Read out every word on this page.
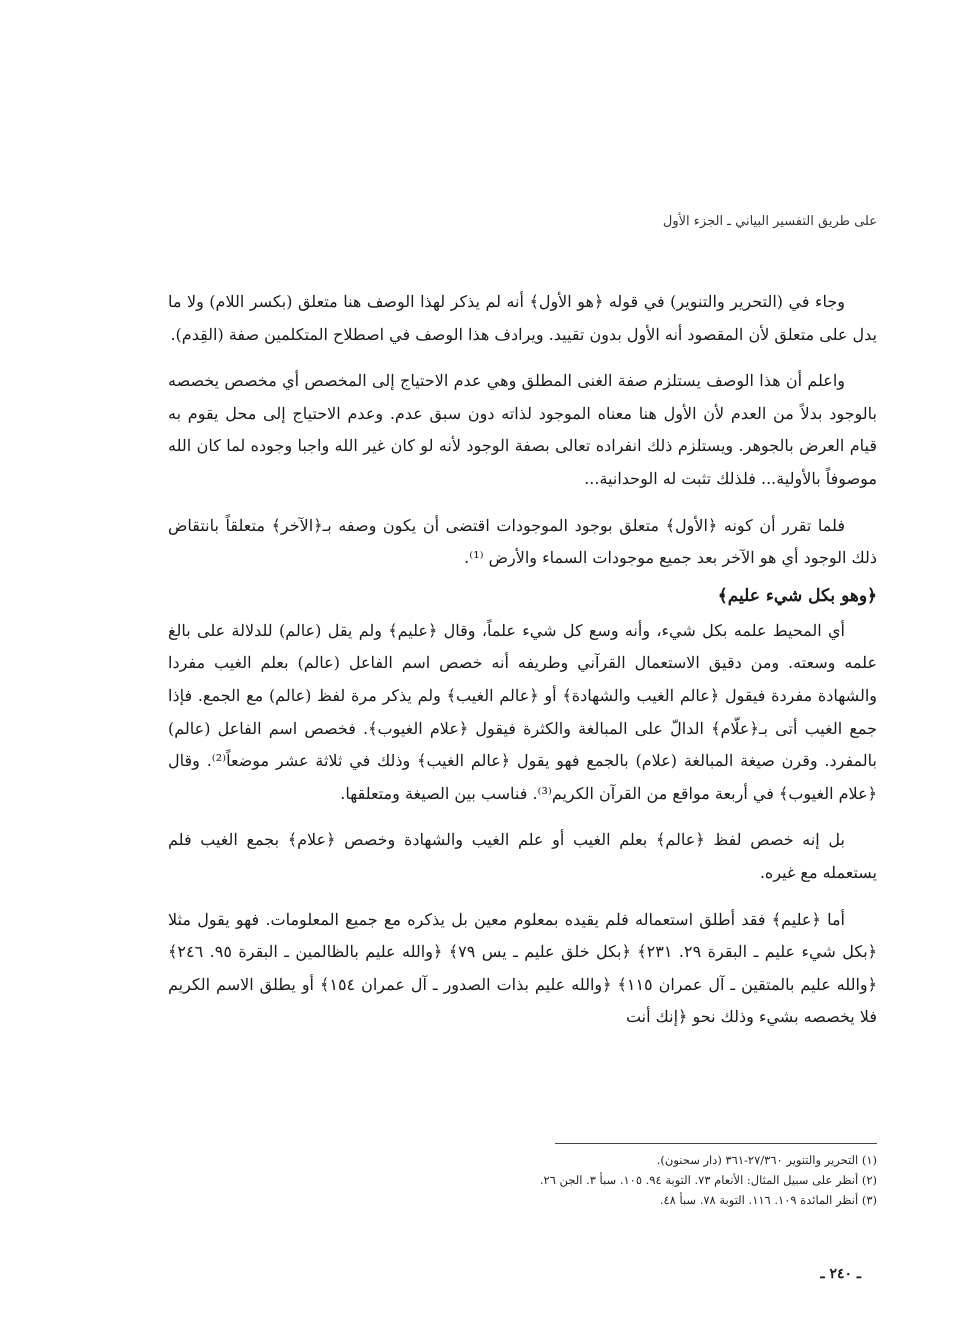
على طريق التفسير البياني ـ الجزء الأول

وجاء في (التحرير والتنوير) في قوله ﴿هو الأول﴾ أنه لم يذكر لهذا الوصف هنا متعلق (بكسر اللام) ولا ما يدل على متعلق لأن المقصود أنه الأول بدون تقييد. ويرادف هذا الوصف في اصطلاح المتكلمين صفة (القِدم).

واعلم أن هذا الوصف يستلزم صفة الغنى المطلق وهي عدم الاحتياج إلى المخصص أي مخصص يخصصه بالوجود بدلاً من العدم لأن الأول هنا معناه الموجود لذاته دون سبق عدم. وعدم الاحتياج إلى محل يقوم به قيام العرض بالجوهر. ويستلزم ذلك انفراده تعالى بصفة الوجود لأنه لو كان غير الله واجبا وجوده لما كان الله موصوفاً بالأولية... فلذلك تثبت له الوحدانية...

فلما تقرر أن كونه ﴿الأول﴾ متعلق بوجود الموجودات اقتضى أن يكون وصفه بـ﴿الآخر﴾ متعلقاً بانتقاض ذلك الوجود أي هو الآخر بعد جميع موجودات السماء والأرض ⁽¹⁾.

﴿وهو بكل شيء عليم﴾

أي المحيط علمه بكل شيء، وأنه وسع كل شيء علماً، وقال ﴿عليم﴾ ولم يقل (عالم) للدلالة على بالغ علمه وسعته. ومن دقيق الاستعمال القرآني وطريفه أنه خصص اسم الفاعل (عالم) بعلم الغيب مفردا والشهادة مفردة فيقول ﴿عالم الغيب والشهادة﴾ أو ﴿عالم الغيب﴾ ولم يذكر مرة لفظ (عالم) مع الجمع. فإذا جمع الغيب أتى بـ﴿علّام﴾ الدالّ على المبالغة والكثرة فيقول ﴿علام الغيوب﴾. فخصص اسم الفاعل (عالم) بالمفرد. وقرن صيغة المبالغة (علام) بالجمع فهو يقول ﴿عالم الغيب﴾ وذلك في ثلاثة عشر موضعاً⁽²⁾. وقال ﴿علام الغيوب﴾ في أربعة مواقع من القرآن الكريم⁽³⁾. فناسب بين الصيغة ومتعلقها.

بل إنه خصص لفظ ﴿عالم﴾ بعلم الغيب أو علم الغيب والشهادة وخصص ﴿علام﴾ بجمع الغيب فلم يستعمله مع غيره.

أما ﴿عليم﴾ فقد أطلق استعماله فلم يقيده بمعلوم معين بل يذكره مع جميع المعلومات. فهو يقول مثلا ﴿بكل شيء عليم ـ البقرة ٢٩. ٢٣١﴾ ﴿بكل خلق عليم ـ يس ٧٩﴾ ﴿والله عليم بالظالمين ـ البقرة ٩٥. ٢٤٦﴾ ﴿والله عليم بالمتقين ـ آل عمران ١١٥﴾ ﴿والله عليم بذات الصدور ـ آل عمران ١٥٤﴾ أو يطلق الاسم الكريم فلا يخصصه بشيء وذلك نحو ﴿إنك أنت

(١) التحرير والتنوير ٢٧/٣٦٠-٣٦١ (دار سحنون).
(٢) أنظر على سبيل المثال: الأنعام ٧٣. التوبة ٩٤. ١٠٥. سبأ ٣. الجن ٢٦.
(٣) أنظر المائدة ١٠٩. ١١٦. التوبة ٧٨. سبأ ٤٨.
ـ ٢٤٠ ـ
